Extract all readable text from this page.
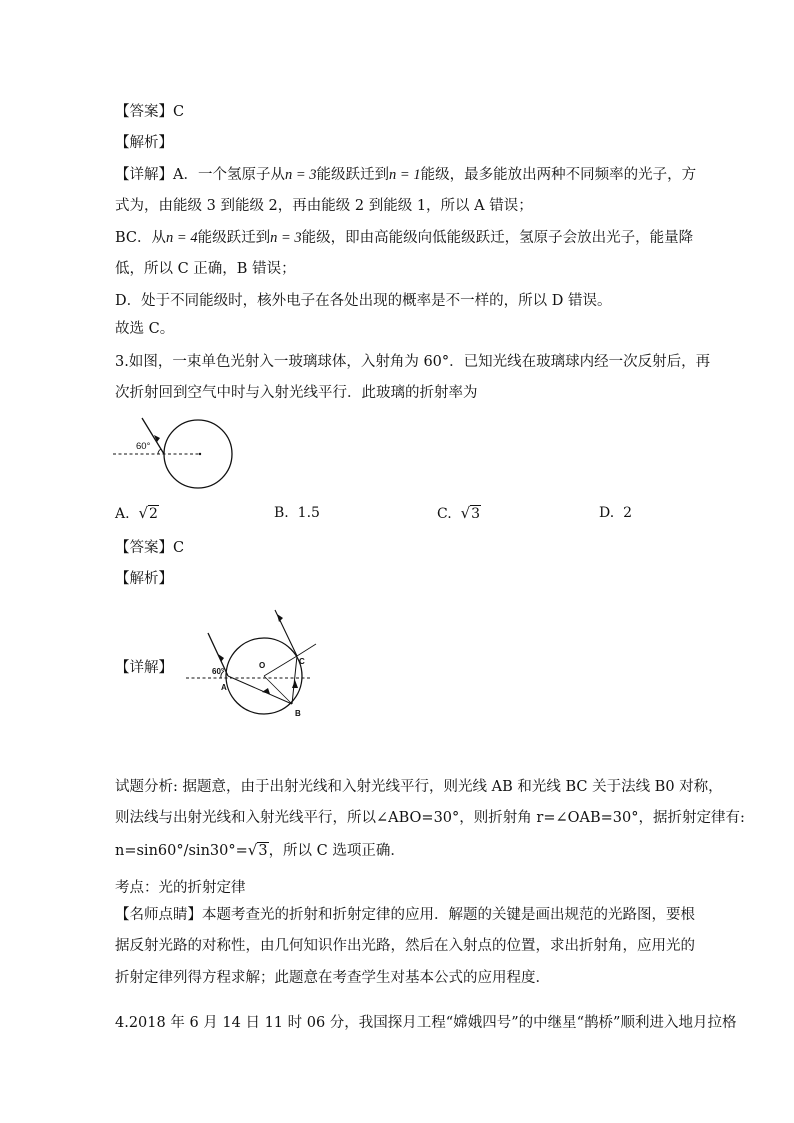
【答案】C
【解析】
【详解】A．一个氢原子从n = 3能级跃迁到n = 1能级，最多能放出两种不同频率的光子，方
式为，由能级 3 到能级 2，再由能级 2 到能级 1，所以 A 错误；
BC．从n = 4能级跃迁到n = 3能级，即由高能级向低能级跃迁，氢原子会放出光子，能量降
低，所以 C 正确，B 错误；
D．处于不同能级时，核外电子在各处出现的概率是不一样的，所以 D 错误。
故选 C。
3.如图，一束单色光射入一玻璃球体，入射角为 60°．已知光线在玻璃球内经一次反射后，再
次折射回到空气中时与入射光线平行．此玻璃的折射率为
60°
A. √2	B. 1.5	C. √3	D. 2
【答案】C
【解析】
【详解】	60°
O
A
B
C
试题分析: 据题意，由于出射光线和入射光线平行，则光线 AB 和光线 BC 关于法线 B0 对称，
则法线与出射光线和入射光线平行，所以∠ABO=30°，则折射角 r=∠OAB=30°，据折射定律有:
n=sin60°/sin30°=√3，所以 C 选项正确．
考点：光的折射定律
【名师点睛】本题考查光的折射和折射定律的应用．解题的关键是画出规范的光路图，要根
据反射光路的对称性，由几何知识作出光路，然后在入射点的位置，求出折射角，应用光的
折射定律列得方程求解；此题意在考查学生对基本公式的应用程度．
4.2018 年 6 月 14 日 11 时 06 分，我国探月工程“嫦娥四号”的中继星“鹊桥”顺利进入地月拉格
